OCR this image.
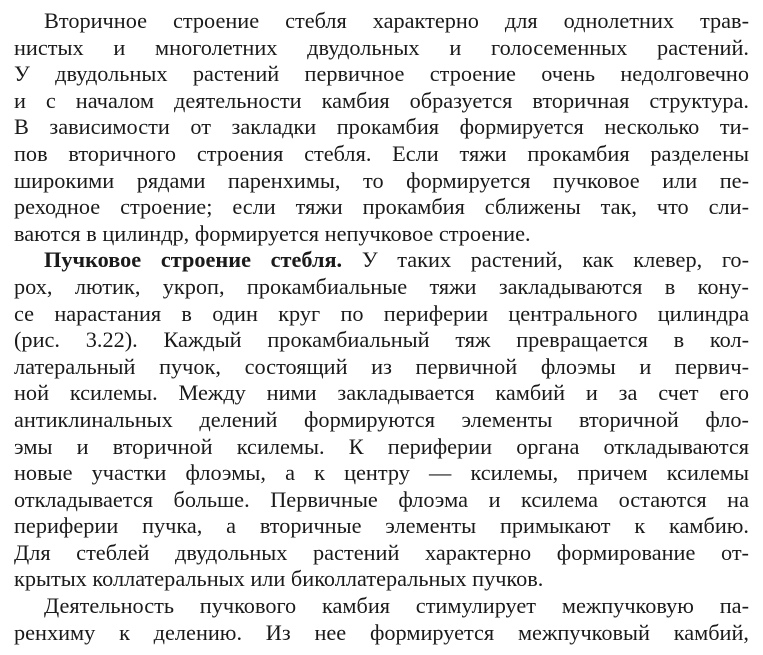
Вторичное строение стебля характерно для однолетних трав-
нистых и многолетних двудольных и голосеменных растений.
У двудольных растений первичное строение очень недолговечно
и с началом деятельности камбия образуется вторичная структура.
В зависимости от закладки прокамбия формируется несколько ти-
пов вторичного строения стебля. Если тяжи прокамбия разделены
широкими рядами паренхимы, то формируется пучковое или пе-
реходное строение; если тяжи прокамбия сближены так, что сли-
ваются в цилиндр, формируется непучковое строение.
Пучковое строение стебля. У таких растений, как клевер, го-
рох, лютик, укроп, прокамбиальные тяжи закладываются в кону-
се нарастания в один круг по периферии центрального цилиндра
(рис. 3.22). Каждый прокамбиальный тяж превращается в кол-
латеральный пучок, состоящий из первичной флоэмы и первич-
ной ксилемы. Между ними закладывается камбий и за счет его
антиклинальных делений формируются элементы вторичной фло-
эмы и вторичной ксилемы. К периферии органа откладываются
новые участки флоэмы, а к центру — ксилемы, причем ксилемы
откладывается больше. Первичные флоэма и ксилема остаются на
периферии пучка, а вторичные элементы примыкают к камбию.
Для стеблей двудольных растений характерно формирование от-
крытых коллатеральных или биколлатеральных пучков.
Деятельность пучкового камбия стимулирует межпучковую па-
ренхиму к делению. Из нее формируется межпучковый камбий,
